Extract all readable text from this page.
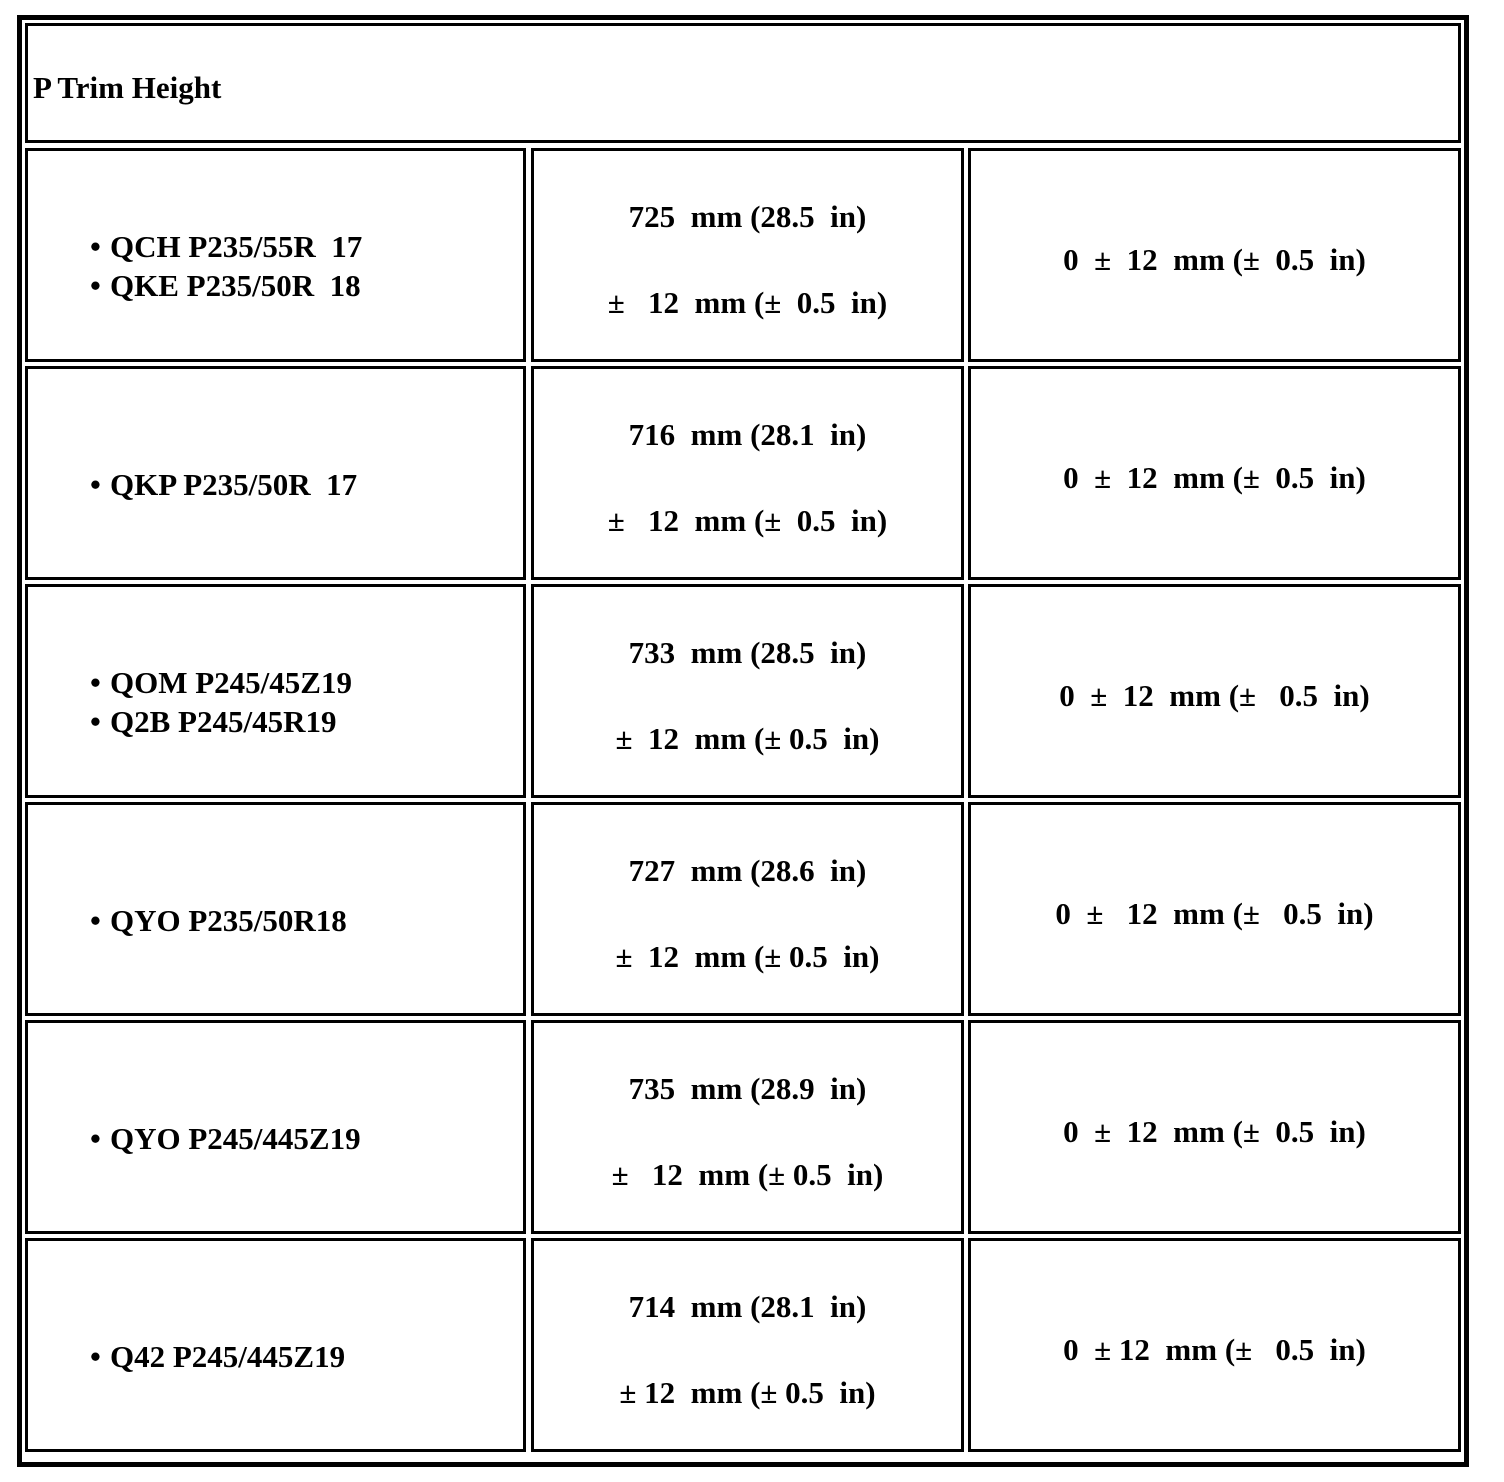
P Trim Height
• QCH P235/55R  17
• QKE P235/50R  18
725  mm (28.5  in)
±   12  mm (±  0.5  in)
0  ±  12  mm (±  0.5  in)
• QKP P235/50R  17
716  mm (28.1  in)
±   12  mm (±  0.5  in)
0  ±  12  mm (±  0.5  in)
• QOM P245/45Z19
• Q2B P245/45R19
733  mm (28.5  in)
±  12  mm (± 0.5  in)
0  ±  12  mm (±   0.5  in)
• QYO P235/50R18
727  mm (28.6  in)
±  12  mm (± 0.5  in)
0  ±   12  mm (±   0.5  in)
• QYO P245/445Z19
735  mm (28.9  in)
±   12  mm (± 0.5  in)
0  ±  12  mm (±  0.5  in)
• Q42 P245/445Z19
714  mm (28.1  in)
± 12  mm (± 0.5  in)
0  ± 12  mm (±   0.5  in)
